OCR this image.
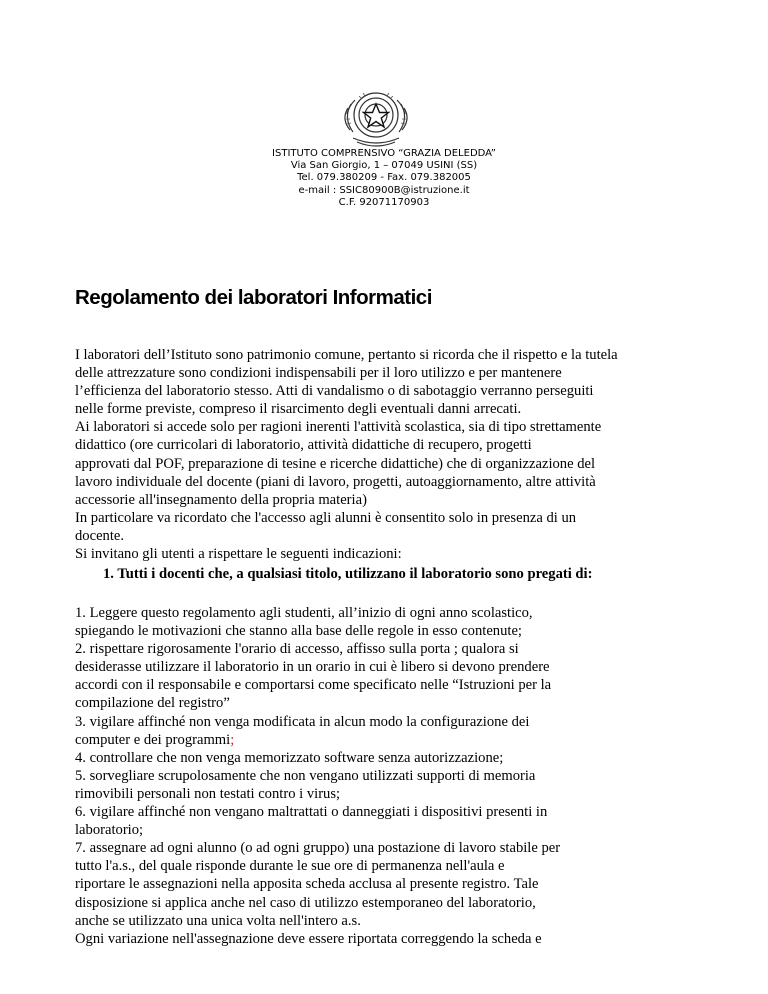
ISTITUTO COMPRENSIVO “GRAZIA DELEDDA”
Via San Giorgio, 1 – 07049 USINI (SS)
Tel. 079.380209 - Fax. 079.382005
e-mail : SSIC80900B@istruzione.it
C.F. 92071170903
Regolamento dei laboratori Informatici
I laboratori dell’Istituto sono patrimonio comune, pertanto si ricorda che il rispetto e la tutela
delle attrezzature sono condizioni indispensabili per il loro utilizzo e per mantenere
l’efficienza del laboratorio stesso. Atti di vandalismo o di sabotaggio verranno perseguiti
nelle forme previste, compreso il risarcimento degli eventuali danni arrecati.
Ai laboratori si accede solo per ragioni inerenti l'attività scolastica, sia di tipo strettamente
didattico (ore curricolari di laboratorio, attività didattiche di recupero, progetti
approvati dal POF, preparazione di tesine e ricerche didattiche) che di organizzazione del
lavoro individuale del docente (piani di lavoro, progetti, autoaggiornamento, altre attività
accessorie all'insegnamento della propria materia)
In particolare va ricordato che l'accesso agli alunni è consentito solo in presenza di un
docente.
Si invitano gli utenti a rispettare le seguenti indicazioni:
1. Tutti i docenti che, a qualsiasi titolo, utilizzano il laboratorio sono pregati di:
1. Leggere questo regolamento agli studenti, all’inizio di ogni anno scolastico,
spiegando le motivazioni che stanno alla base delle regole in esso contenute;
2. rispettare rigorosamente l'orario di accesso, affisso sulla porta ; qualora si
desiderasse utilizzare il laboratorio in un orario in cui è libero si devono prendere
accordi con il responsabile e comportarsi come specificato nelle “Istruzioni per la
compilazione del registro”
3. vigilare affinché non venga modificata in alcun modo la configurazione dei
computer e dei programmi;
4. controllare che non venga memorizzato software senza autorizzazione;
5. sorvegliare scrupolosamente che non vengano utilizzati supporti di memoria
rimovibili personali non testati contro i virus;
6. vigilare affinché non vengano maltrattati o danneggiati i dispositivi presenti in
laboratorio;
7. assegnare ad ogni alunno (o ad ogni gruppo) una postazione di lavoro stabile per
tutto l'a.s., del quale risponde durante le sue ore di permanenza nell'aula e
riportare le assegnazioni nella apposita scheda acclusa al presente registro. Tale
disposizione si applica anche nel caso di utilizzo estemporaneo del laboratorio,
anche se utilizzato una unica volta nell'intero a.s.
Ogni variazione nell'assegnazione deve essere riportata correggendo la scheda e
